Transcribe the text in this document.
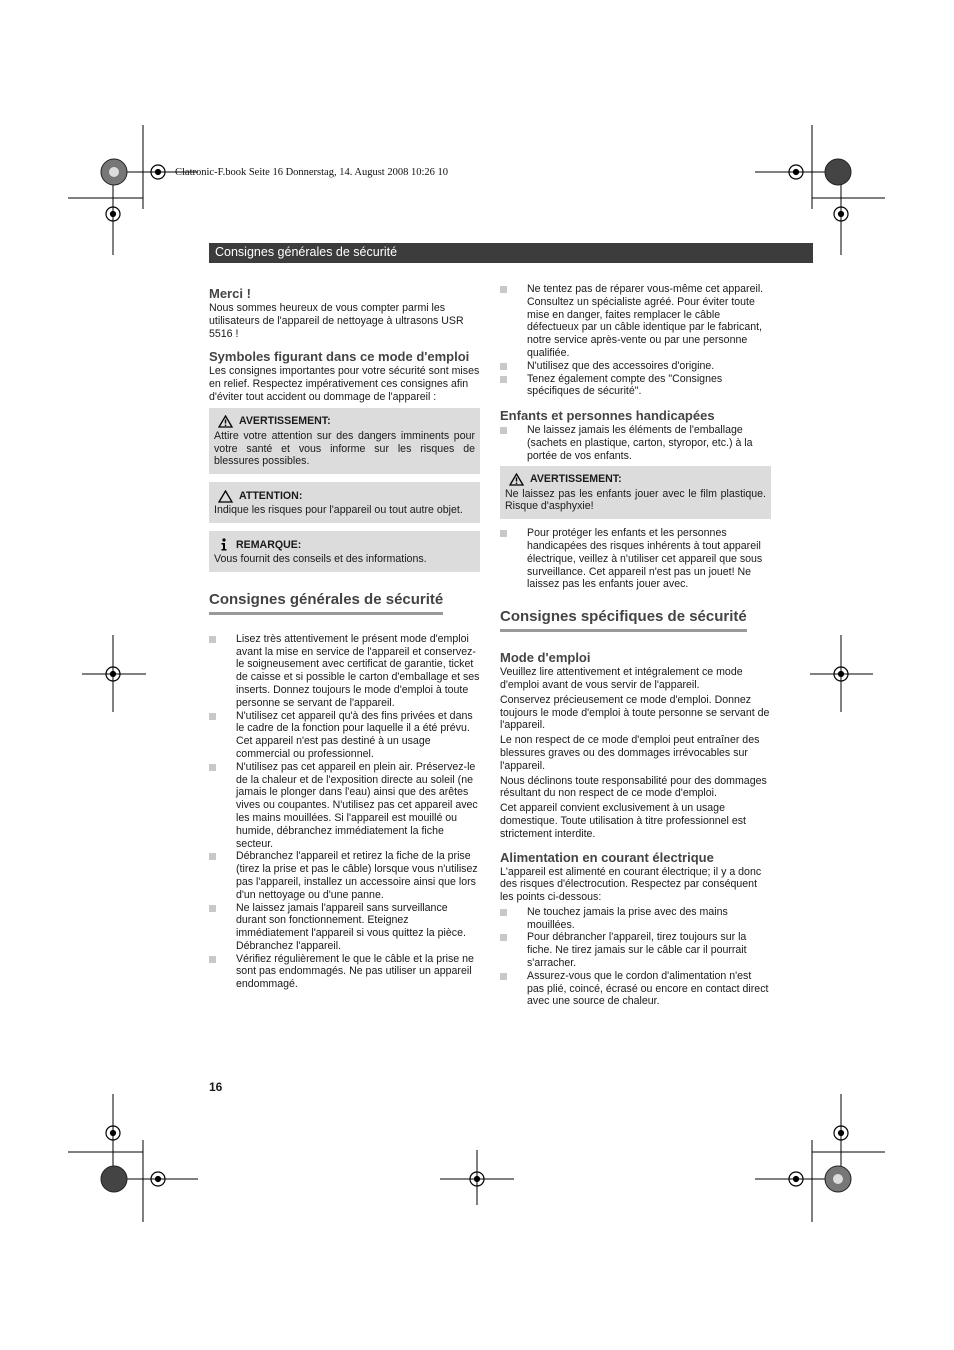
Clatronic-F.book Seite 16 Donnerstag, 14. August 2008 10:26 10
Consignes générales de sécurité
Merci !

Nous sommes heureux de vous compter parmi les utilisateurs de l'appareil de nettoyage à ultrasons USR 5516 !

Symboles figurant dans ce mode d'emploi

Les consignes importantes pour votre sécurité sont mises en relief. Respectez impérativement ces consignes afin d'éviter tout accident ou dommage de l'appareil :

AVERTISSEMENT:

Attire votre attention sur des dangers imminents pour votre santé et vous informe sur les risques de blessures possibles.

ATTENTION:

Indique les risques pour l'appareil ou tout autre objet.

REMARQUE:

Vous fournit des conseils et des informations.

Consignes générales de sécurité
Lisez très attentivement le présent mode d'emploi avant la mise en service de l'appareil et conservez-le soigneusement avec certificat de garantie, ticket de caisse et si possible le carton d'emballage et ses inserts. Donnez toujours le mode d'emploi à toute personne se servant de l'appareil.
N'utilisez cet appareil qu'à des fins privées et dans le cadre de la fonction pour laquelle il a été prévu. Cet appareil n'est pas destiné à un usage commercial ou professionnel.
N'utilisez pas cet appareil en plein air. Préservez-le de la chaleur et de l'exposition directe au soleil (ne jamais le plonger dans l'eau) ainsi que des arêtes vives ou coupantes. N'utilisez pas cet appareil avec les mains mouillées. Si l'appareil est mouillé ou humide, débranchez immédiatement la fiche secteur.
Débranchez l'appareil et retirez la fiche de la prise (tirez la prise et pas le câble) lorsque vous n'utilisez pas l'appareil, installez un accessoire ainsi que lors d'un nettoyage ou d'une panne.
Ne laissez jamais l'appareil sans surveillance durant son fonctionnement. Eteignez immédiatement l'appareil si vous quittez la pièce. Débranchez l'appareil.
Vérifiez régulièrement le que le câble et la prise ne sont pas endommagés. Ne pas utiliser un appareil endommagé.
Ne tentez pas de réparer vous-même cet appareil. Consultez un spécialiste agréé. Pour éviter toute mise en danger, faites remplacer le câble défectueux par un câble identique par le fabricant, notre service après-vente ou par une personne qualifiée.
N'utilisez que des accessoires d'origine.
Tenez également compte des "Consignes spécifiques de sécurité".
Enfants et personnes handicapées
Ne laissez jamais les éléments de l'emballage (sachets en plastique, carton, styropor, etc.) à la portée de vos enfants.
AVERTISSEMENT:

Ne laissez pas les enfants jouer avec le film plastique. Risque d'asphyxie!

Pour protéger les enfants et les personnes handicapées des risques inhérents à tout appareil électrique, veillez à n'utiliser cet appareil que sous surveillance. Cet appareil n'est pas un jouet! Ne laissez pas les enfants jouer avec.
Consignes spécifiques de sécurité
Mode d'emploi

Veuillez lire attentivement et intégralement ce mode d'emploi avant de vous servir de l'appareil.

Conservez précieusement ce mode d'emploi. Donnez toujours le mode d'emploi à toute personne se servant de l'appareil.

Le non respect de ce mode d'emploi peut entraîner des blessures graves ou des dommages irrévocables sur l'appareil.

Nous déclinons toute responsabilité pour des dommages résultant du non respect de ce mode d'emploi.

Cet appareil convient exclusivement à un usage domestique. Toute utilisation à titre professionnel est strictement interdite.

Alimentation en courant électrique

L'appareil est alimenté en courant électrique; il y a donc des risques d'électrocution. Respectez par conséquent les points ci-dessous:

Ne touchez jamais la prise avec des mains mouillées.
Pour débrancher l'appareil, tirez toujours sur la fiche. Ne tirez jamais sur le câble car il pourrait s'arracher.
Assurez-vous que le cordon d'alimentation n'est pas plié, coincé, écrasé ou encore en contact direct avec une source de chaleur.
16
